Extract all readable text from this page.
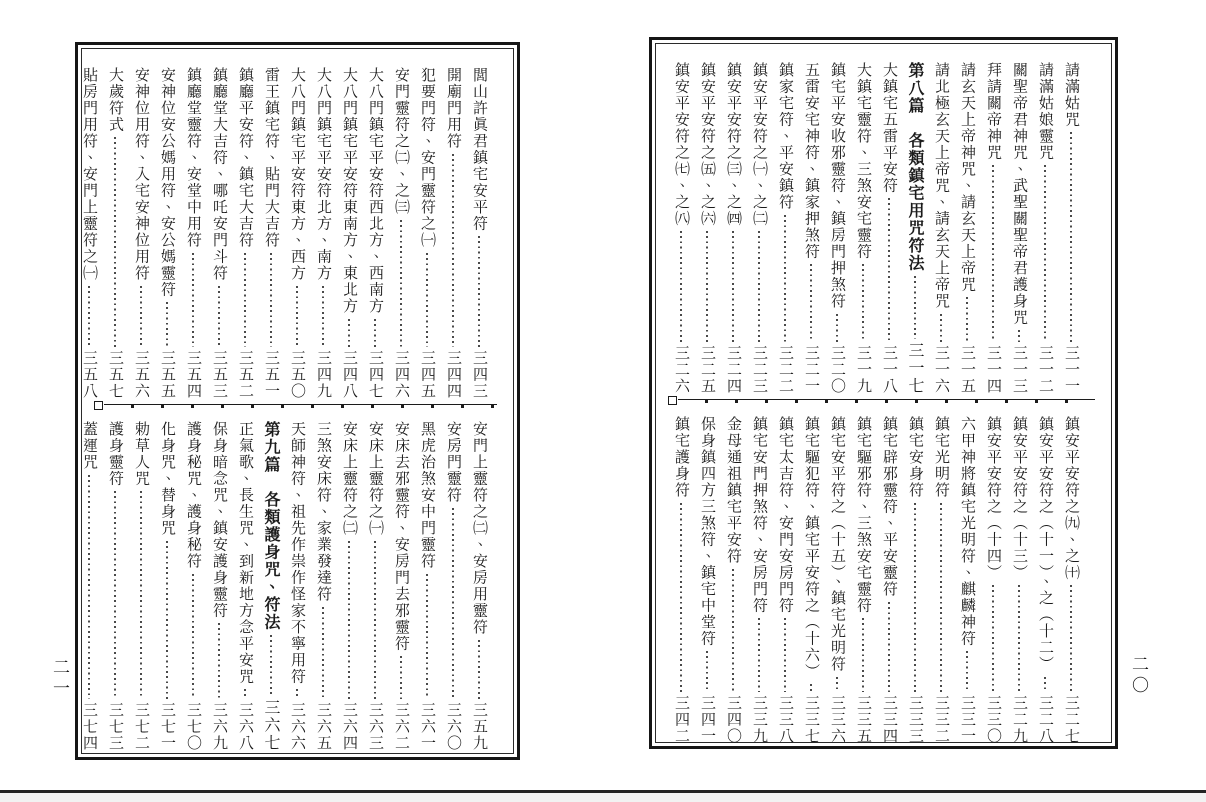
閭山許眞君鎮宅安平符
三四三
開廟門用符
三四四
犯要門符、安門靈符之㈠
三四五
安門靈符之㈡、之㈢
三四六
大八門鎮宅平安符西北方、西南方
三四七
大八門鎮宅平安符東南方、東北方
三四八
大八門鎮宅平安符北方、南方
三四九
大八門鎮宅平安符東方、西方
三五〇
雷王鎮宅符、貼門大吉符
三五一
鎮廳平安符、鎮宅大吉符
三五二
鎮廳堂大吉符、哪吒安門斗符
三五三
鎮廳堂靈符、安堂中用符
三五四
安神位安公媽用符、安公媽靈符
三五五
安神位用符、入宅安神位用符
三五六
大歲符式
三五七
貼房門用符、安門上靈符之㈠
三五八
安門上靈符之㈡、安房用靈符
三五九
安房門靈符
三六〇
黑虎治煞安中門靈符
三六一
安床去邪靈符、安房門去邪靈符
三六二
安床上靈符之㈠
三六三
安床上靈符之㈡
三六四
三煞安床符、家業發達符
三六五
天師神符、祖先作祟作怪家不寧用符
三六六
第九篇　各類護身咒、符法
三六七
正氣歌、長生咒、到新地方念平安咒
三六八
保身暗念咒、鎮安護身靈符
三六九
護身秘咒、護身秘符
三七〇
化身咒、替身咒
三七一
勅草人咒
三七二
護身靈符
三七三
蓋運咒
三七四
二一
請滿姑咒
三一一
請滿姑娘靈咒
三一二
關聖帝君神咒、武聖關聖帝君護身咒
三一三
拜請關帝神咒
三一四
請玄天上帝神咒、請玄天上帝咒
三一五
請北極玄天上帝咒、請玄天上帝咒
三一六
第八篇　各類鎮宅用咒符法
三一七
大鎮宅五雷平安符
三一八
大鎮宅靈符、三煞安宅靈符
三一九
鎮宅平安收邪靈符、鎮房門押煞符
三二〇
五雷安宅神符、鎮家押煞符
三二一
鎮家宅符、平安鎮符
三二二
鎮安平安符之㈠、之㈡
三二三
鎮安平安符之㈢、之㈣
三二四
鎮安平安符之㈤、之㈥
三二五
鎮安平安符之㈦、之㈧
三二六
鎮安平安符之㈨、之㈩
三二七
鎮安平安符之（十一）、之（十二）
三二八
鎮安平安符之（十三）
三二九
鎮安平安符之（十四）
三三〇
六甲神將鎮宅光明符、麒麟神符
三三一
鎮宅光明符
三三二
鎮宅安身符
三三三
鎮宅辟邪靈符、平安靈符
三三四
鎮宅驅邪符、三煞安宅靈符
三三五
鎮宅安平符之（十五）、鎮宅光明符
三三六
鎮宅驅犯符、鎮宅平安符之（十六）
三三七
鎮宅太吉符、安門安房門符
三三八
鎮宅安門押煞符、安房門符
三三九
金母通祖鎮宅平安符
三四〇
保身鎮四方三煞符、鎮宅中堂符
三四一
鎮宅護身符
三四二
二〇
